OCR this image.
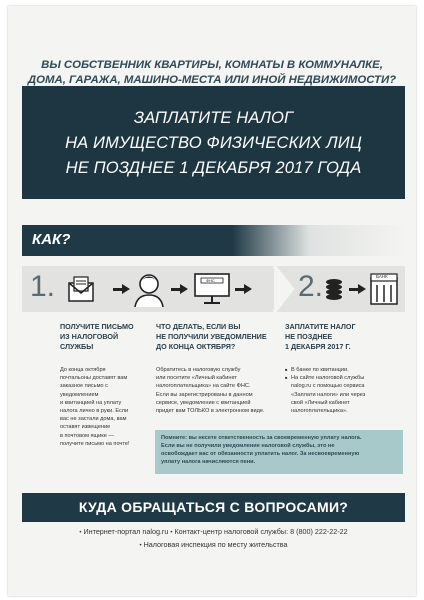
ВЫ СОБСТВЕННИК КВАРТИРЫ, КОМНАТЫ В КОММУНАЛКЕ,
ДОМА, ГАРАЖА, МАШИНО-МЕСТА ИЛИ ИНОЙ НЕДВИЖИМОСТИ?
ЗАПЛАТИТЕ НАЛОГ
НА ИМУЩЕСТВО ФИЗИЧЕСКИХ ЛИЦ
НЕ ПОЗДНЕЕ 1 ДЕКАБРЯ 2017 ГОДА
КАК?
1.	ФНС	2.	БАНК
ПОЛУЧИТЕ ПИСЬМО
ИЗ НАЛОГОВОЙ
СЛУЖБЫ
До конца октября
почтальоны доставят вам
заказное письмо с
уведомлением
и квитанцией на уплату
налога лично в руки. Если
вас не застали дома, вам
оставят извещение
в почтовом ящике —
получите письмо на почте!
ЧТО ДЕЛАТЬ, ЕСЛИ ВЫ
НЕ ПОЛУЧИЛИ УВЕДОМЛЕНИЕ
ДО КОНЦА ОКТЯБРЯ?
Обратитесь в налоговую службу
или посетите «Личный кабинет
налогоплательщика» на сайте ФНС.
Если вы зарегистрированы в данном
сервисе, уведомление с квитанцией
придет вам ТОЛЬКО в электронном виде.
ЗАПЛАТИТЕ НАЛОГ
НЕ ПОЗДНЕЕ
1 ДЕКАБРЯ 2017 Г.
■ В банке по квитанции.
■ На сайте налоговой службы
nalog.ru с помощью сервиса
«Заплати налоги» или через
свой «Личный кабинет
налогоплательщика».
Помните: вы несете ответственность за своевременную уплату налога.
Если вы не получили уведомление налоговой службы, это не
освобождает вас от обязанности уплатить налог. За несвоевременную
уплату налога начисляются пени.
КУДА ОБРАЩАТЬСЯ С ВОПРОСАМИ?
• Интернет-портал nalog.ru • Контакт-центр налоговой службы: 8 (800) 222-22-22
• Налоговая инспекция по месту жительства
